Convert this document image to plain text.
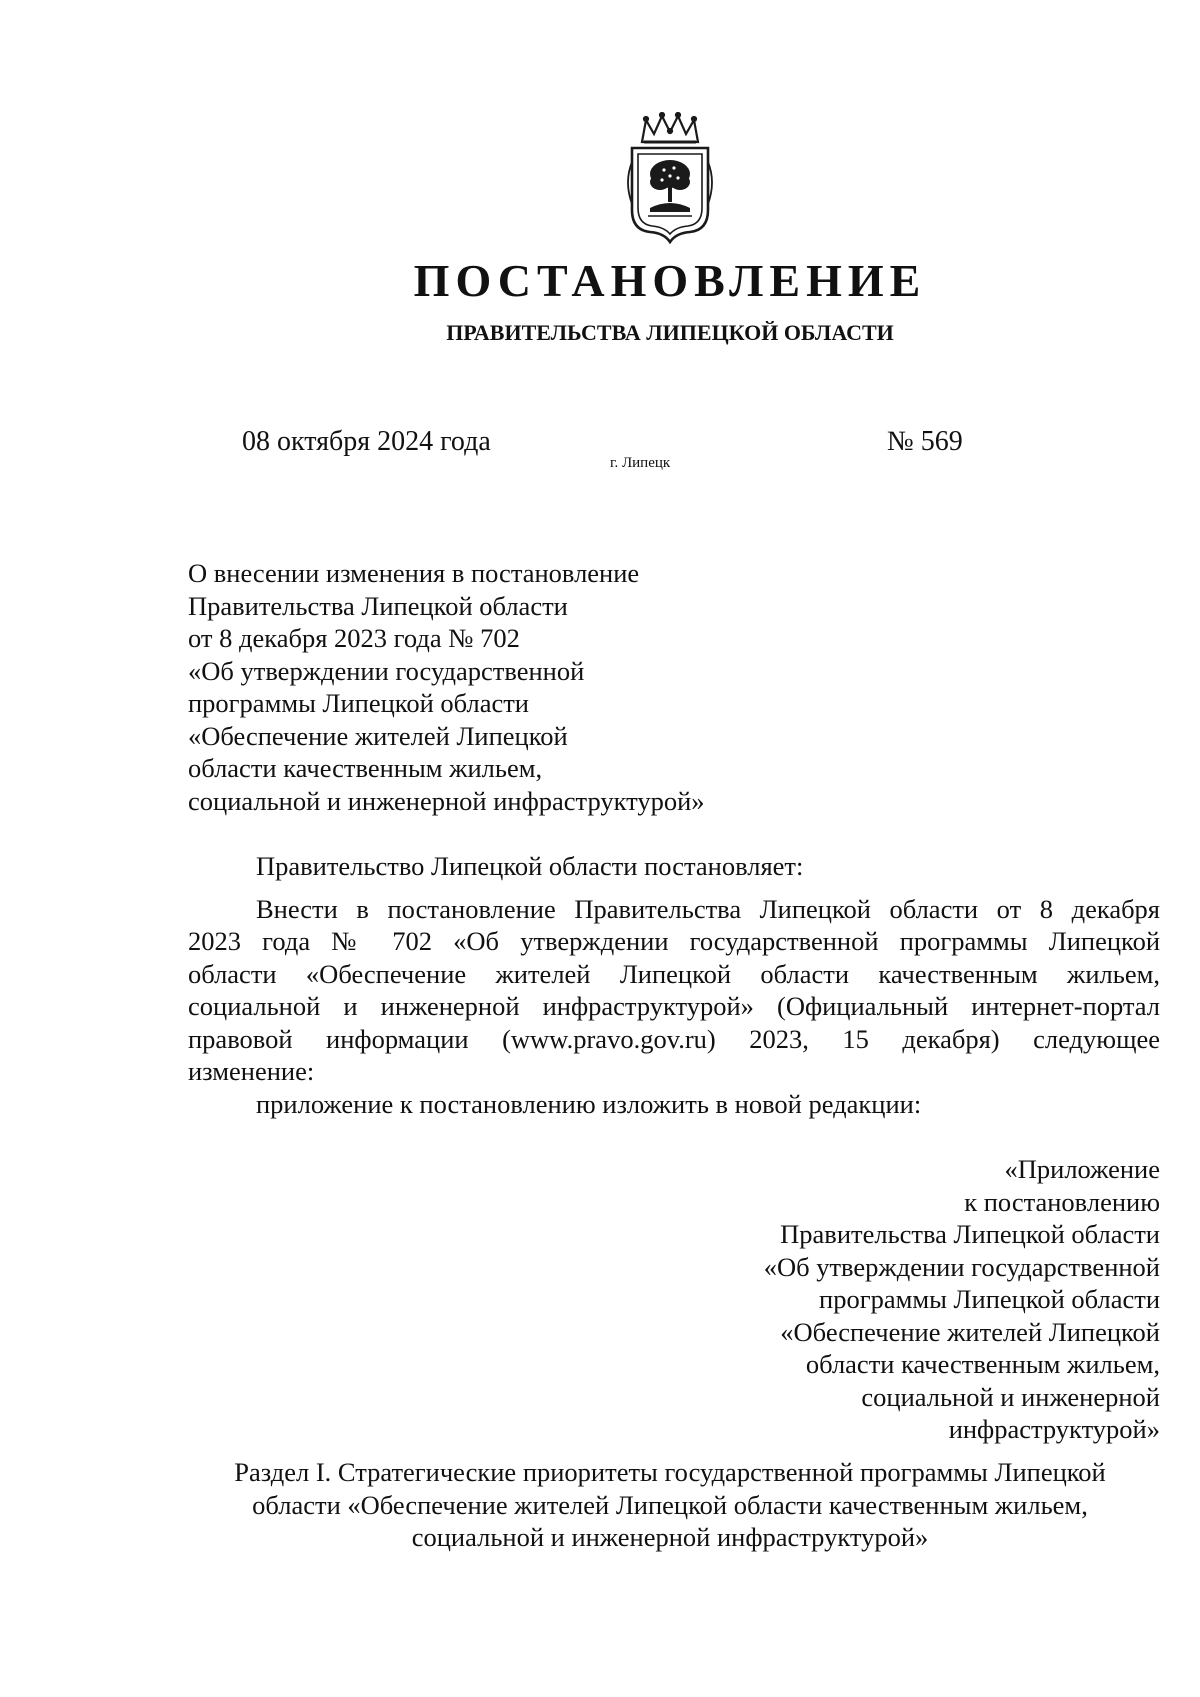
ПОСТАНОВЛЕНИЕ
ПРАВИТЕЛЬСТВА ЛИПЕЦКОЙ ОБЛАСТИ
08 октября 2024 года
г. Липецк
№ 569
О внесении изменения в постановление
Правительства Липецкой области
от 8 декабря 2023 года № 702
«Об утверждении государственной
программы Липецкой области
«Обеспечение жителей Липецкой
области качественным жильем,
социальной и инженерной инфраструктурой»
Правительство Липецкой области постановляет:
Внести в постановление Правительства Липецкой области от 8 декабря
2023 года № 702 «Об утверждении государственной программы Липецкой
области «Обеспечение жителей Липецкой области качественным жильем,
социальной и инженерной инфраструктурой» (Официальный интернет-портал
правовой информации (www.pravo.gov.ru) 2023, 15 декабря) следующее
изменение:
приложение к постановлению изложить в новой редакции:
«Приложение
к постановлению
Правительства Липецкой области
«Об утверждении государственной
программы Липецкой области
«Обеспечение жителей Липецкой
области качественным жильем,
социальной и инженерной
инфраструктурой»
Раздел I. Стратегические приоритеты государственной программы Липецкой
области «Обеспечение жителей Липецкой области качественным жильем,
социальной и инженерной инфраструктурой»
